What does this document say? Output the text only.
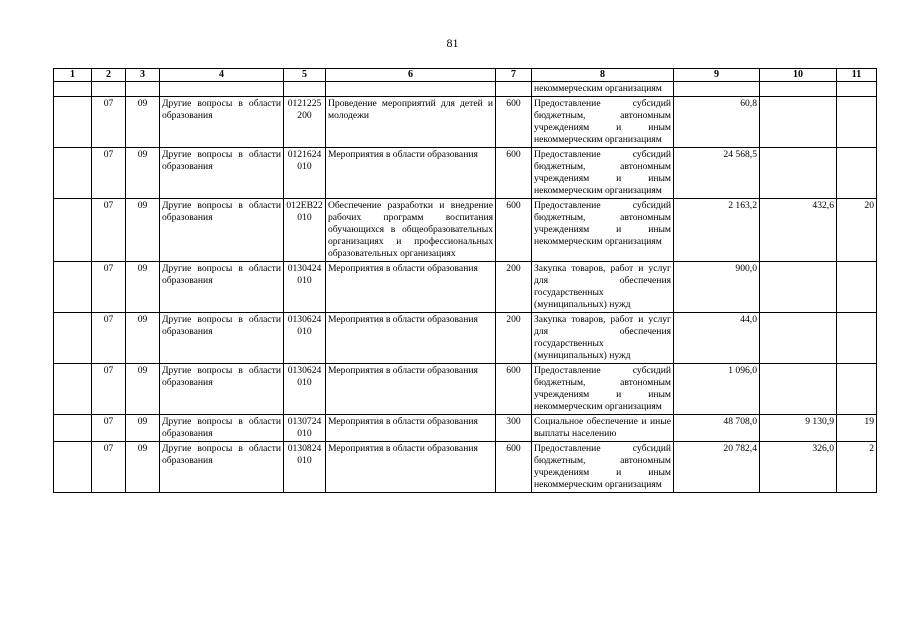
81
1	2	3	4	5	6	7	8	9	10	11
							некоммерческим организациям			
	07	09	Другие вопросы в области образования	0121225200	Проведение мероприятий для детей и молодежи	600	Предоставление субсидий бюджетным, автономным учреждениям и иным некоммерческим организациям	60,8		
	07	09	Другие вопросы в области образования	0121624010	Мероприятия в области образования	600	Предоставление субсидий бюджетным, автономным учреждениям и иным некоммерческим организациям	24 568,5		
	07	09	Другие вопросы в области образования	012EB22010	Обеспечение разработки и внедрение рабочих программ воспитания обучающихся в общеобразовательных организациях и профессиональных образовательных организациях	600	Предоставление субсидий бюджетным, автономным учреждениям и иным некоммерческим организациям	2 163,2	432,6	20
	07	09	Другие вопросы в области образования	0130424010	Мероприятия в области образования	200	Закупка товаров, работ и услуг для обеспечения государственных (муниципальных) нужд	900,0		
	07	09	Другие вопросы в области образования	0130624010	Мероприятия в области образования	200	Закупка товаров, работ и услуг для обеспечения государственных (муниципальных) нужд	44,0		
	07	09	Другие вопросы в области образования	0130624010	Мероприятия в области образования	600	Предоставление субсидий бюджетным, автономным учреждениям и иным некоммерческим организациям	1 096,0		
	07	09	Другие вопросы в области образования	0130724010	Мероприятия в области образования	300	Социальное обеспечение и иные выплаты населению	48 708,0	9 130,9	19
	07	09	Другие вопросы в области образования	0130824010	Мероприятия в области образования	600	Предоставление субсидий бюджетным, автономным учреждениям и иным некоммерческим организациям	20 782,4	326,0	2
